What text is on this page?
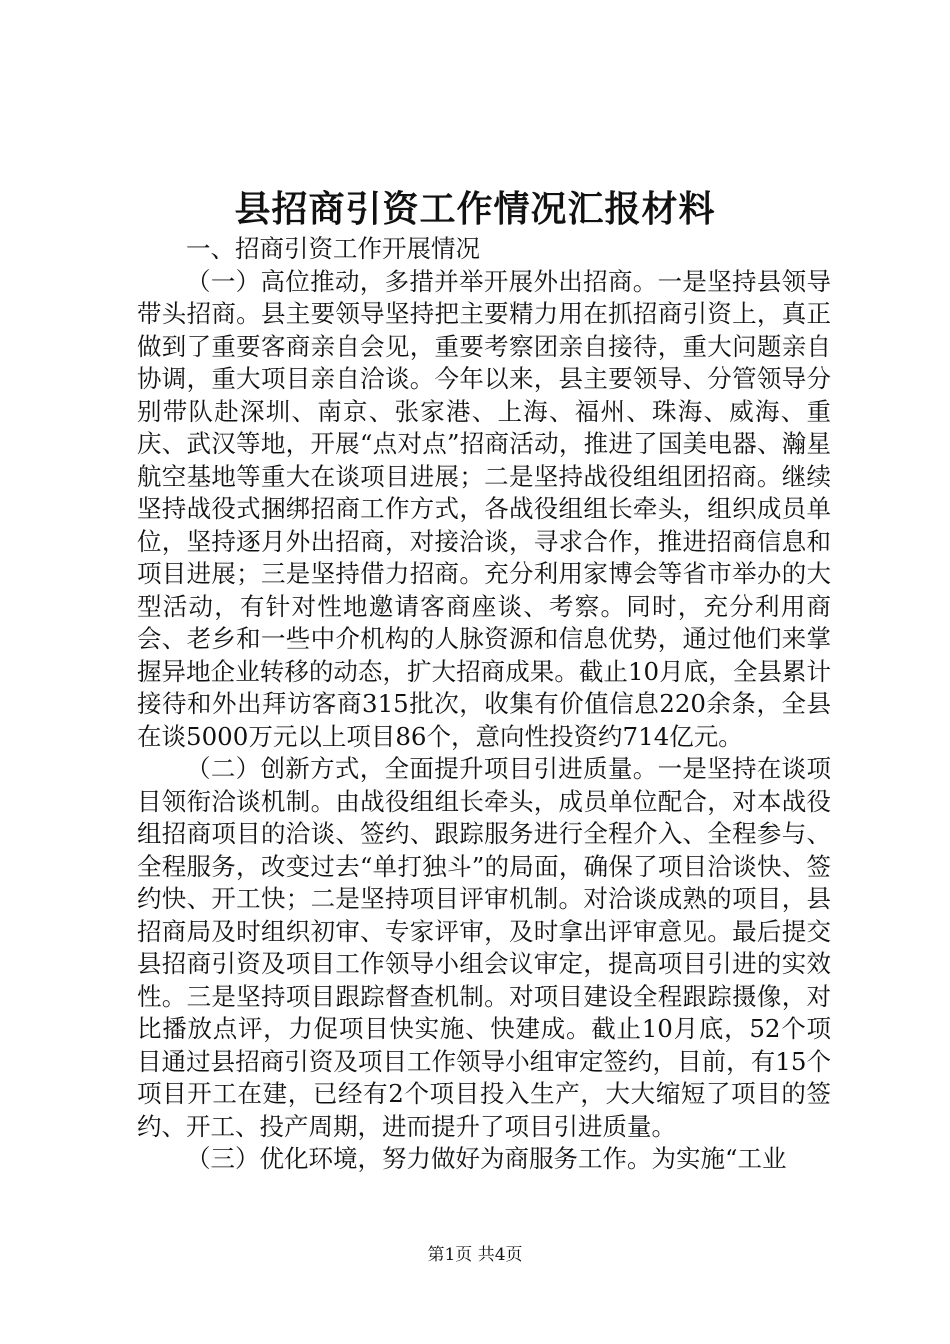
县招商引资工作情况汇报材料

一、招商引资工作开展情况

（一）高位推动，多措并举开展外出招商。一是坚持县领导带头招商。县主要领导坚持把主要精力用在抓招商引资上，真正做到了重要客商亲自会见，重要考察团亲自接待，重大问题亲自协调，重大项目亲自洽谈。今年以来，县主要领导、分管领导分别带队赴深圳、南京、张家港、上海、福州、珠海、威海、重庆、武汉等地，开展“点对点”招商活动，推进了国美电器、瀚星航空基地等重大在谈项目进展；二是坚持战役组组团招商。继续坚持战役式捆绑招商工作方式，各战役组组长牵头，组织成员单位，坚持逐月外出招商，对接洽谈，寻求合作，推进招商信息和项目进展；三是坚持借力招商。充分利用家博会等省市举办的大型活动，有针对性地邀请客商座谈、考察。同时，充分利用商会、老乡和一些中介机构的人脉资源和信息优势，通过他们来掌握异地企业转移的动态，扩大招商成果。截止10月底，全县累计接待和外出拜访客商315批次，收集有价值信息220余条，全县在谈5000万元以上项目86个，意向性投资约714亿元。

（二）创新方式，全面提升项目引进质量。一是坚持在谈项目领衔洽谈机制。由战役组组长牵头，成员单位配合，对本战役组招商项目的洽谈、签约、跟踪服务进行全程介入、全程参与、全程服务，改变过去“单打独斗”的局面，确保了项目洽谈快、签约快、开工快；二是坚持项目评审机制。对洽谈成熟的项目，县招商局及时组织初审、专家评审，及时拿出评审意见。最后提交县招商引资及项目工作领导小组会议审定，提高项目引进的实效性。三是坚持项目跟踪督查机制。对项目建设全程跟踪摄像，对比播放点评，力促项目快实施、快建成。截止10月底，52个项目通过县招商引资及项目工作领导小组审定签约，目前，有15个项目开工在建，已经有2个项目投入生产，大大缩短了项目的签约、开工、投产周期，进而提升了项目引进质量。

（三）优化环境，努力做好为商服务工作。为实施“工业

第1页 共4页
